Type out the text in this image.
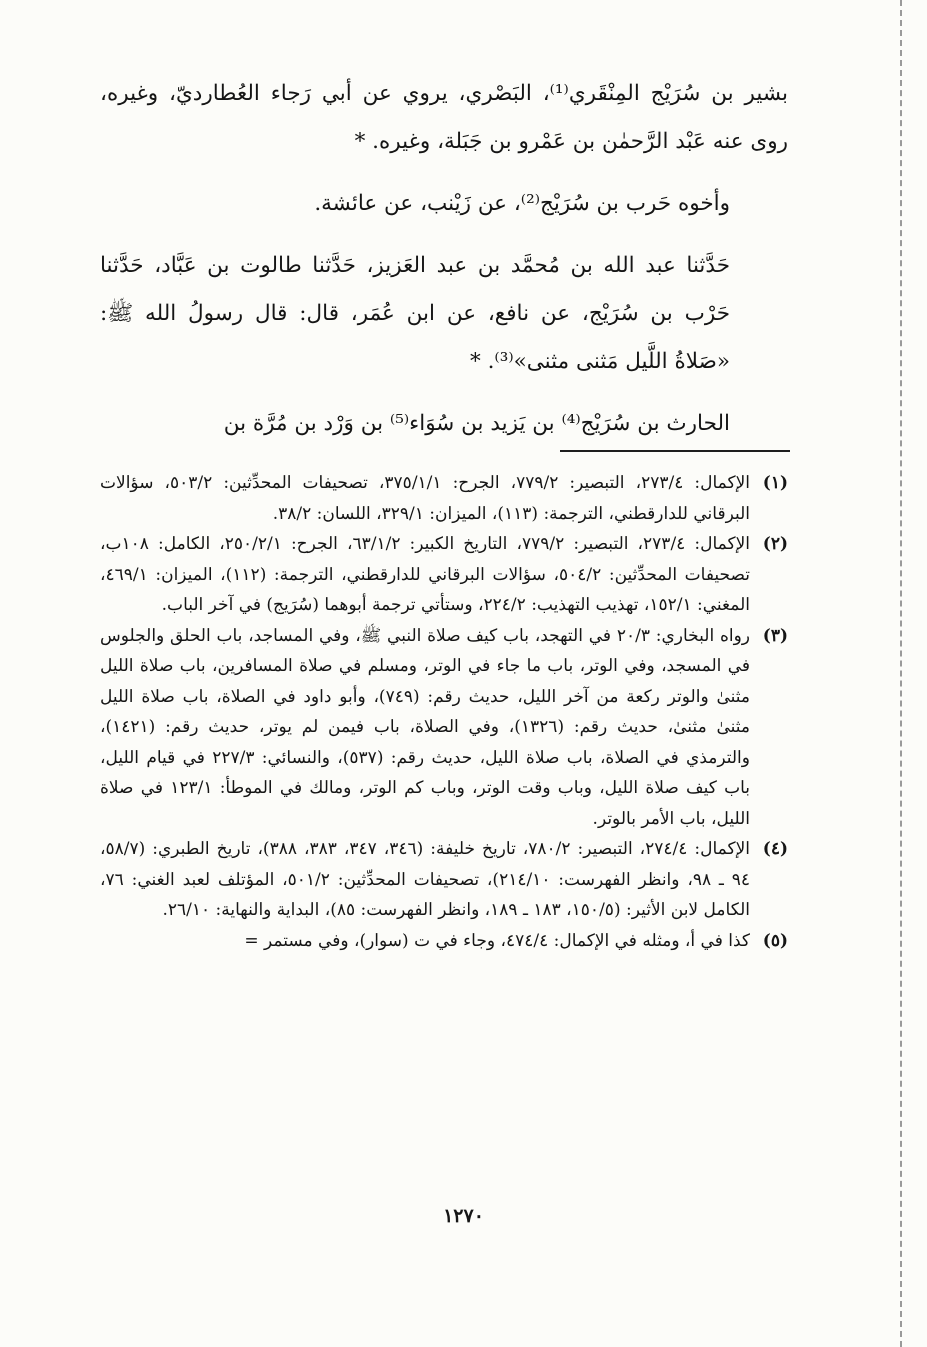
بشير بن سُرَيْج المِنْقَري⁽¹⁾، البَصْري، يروي عن أبي رَجاء العُطارديّ، وغيره، روى عنه عَبْد الرَّحمٰن بن عَمْرو بن جَبَلة، وغيره. *

وأخوه حَرب بن سُرَيْج⁽²⁾، عن زَيْنب، عن عائشة.

حَدَّثنا عبد الله بن مُحمَّد بن عبد العَزيز، حَدَّثنا طالوت بن عَبَّاد، حَدَّثنا حَرْب بن سُرَيْج، عن نافع، عن ابن عُمَر، قال: قال رسولُ الله ﷺ: «صَلاةُ اللَّيل مَثنى مثنى»⁽³⁾. *

الحارث بن سُرَيْج⁽⁴⁾ بن يَزيد بن سُوَاء⁽⁵⁾ بن وَرْد بن مُرَّة بن

(١)
الإكمال: ٢٧٣/٤، التبصير: ٧٧٩/٢، الجرح: ٣٧٥/١/١، تصحيفات المحدِّثين: ٥٠٣/٢، سؤالات البرقاني للدارقطني، الترجمة: (١١٣)، الميزان: ٣٢٩/١، اللسان: ٣٨/٢.
(٢)
الإكمال: ٢٧٣/٤، التبصير: ٧٧٩/٢، التاريخ الكبير: ٦٣/١/٢، الجرح: ٢٥٠/٢/١، الكامل: ١٠٨ب، تصحيفات المحدِّثين: ٥٠٤/٢، سؤالات البرقاني للدارقطني، الترجمة: (١١٢)، الميزان: ٤٦٩/١، المغني: ١٥٢/١، تهذيب التهذيب: ٢٢٤/٢، وستأتي ترجمة أبوهما (سُرَيج) في آخر الباب.
(٣)
رواه البخاري: ٢٠/٣ في التهجد، باب كيف صلاة النبي ﷺ، وفي المساجد، باب الحلق والجلوس في المسجد، وفي الوتر، باب ما جاء في الوتر، ومسلم في صلاة المسافرين، باب صلاة الليل مثنىٰ والوتر ركعة من آخر الليل، حديث رقم: (٧٤٩)، وأبو داود في الصلاة، باب صلاة الليل مثنىٰ مثنىٰ، حديث رقم: (١٣٢٦)، وفي الصلاة، باب فيمن لم يوتر، حديث رقم: (١٤٢١)، والترمذي في الصلاة، باب صلاة الليل، حديث رقم: (٥٣٧)، والنسائي: ٢٢٧/٣ في قيام الليل، باب كيف صلاة الليل، وباب وقت الوتر، وباب كم الوتر، ومالك في الموطأ: ١٢٣/١ في صلاة الليل، باب الأمر بالوتر.
(٤)
الإكمال: ٢٧٤/٤، التبصير: ٧٨٠/٢، تاريخ خليفة: (٣٤٦، ٣٤٧، ٣٨٣، ٣٨٨)، تاريخ الطبري: (٥٨/٧، ٩٤ ـ ٩٨، وانظر الفهرست: ٢١٤/١٠)، تصحيفات المحدِّثين: ٥٠١/٢، المؤتلف لعبد الغني: ٧٦، الكامل لابن الأثير: (١٥٠/٥، ١٨٣ ـ ١٨٩، وانظر الفهرست: ٨٥)، البداية والنهاية: ٢٦/١٠.
(٥)
كذا في أ، ومثله في الإكمال: ٤٧٤/٤، وجاء في ت (سوار)، وفي مستمر =
١٢٧٠
